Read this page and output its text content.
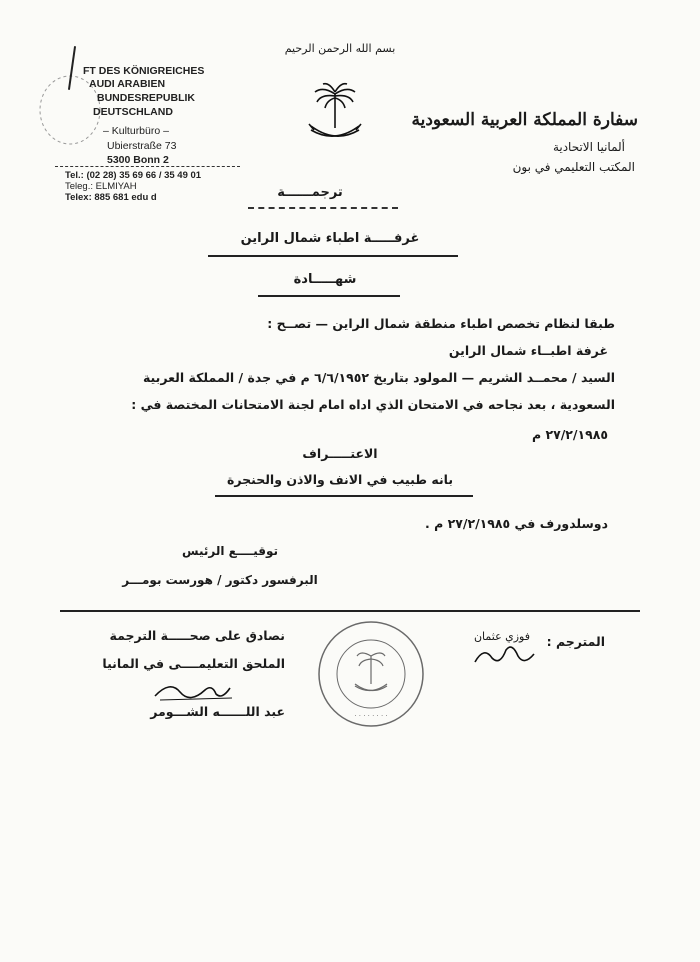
بسم الله الرحمن الرحيم
FT DES KÖNIGREICHES
AUDI ARABIEN
BUNDESREPUBLIK
DEUTSCHLAND
– Kulturbüro –
Ubierstraße 73
5300 Bonn 2
Tel.: (02 28) 35 69 66 / 35 49 01
Teleg.: ELMIYAH
Telex: 885 681 edu d
سفارة المملكة العربية السعودية
ألمانيا الاتحادية
المكتب التعليمي في بون
ترجمــــــة
غرفـــــة اطباء شمال الراين
شهـــــادة
طبقا لنظام تخصص اطباء منطقة شمال الراين — تصــح :
غرفة اطبــاء شمال الراين
السيد / محمــد الشريم — المولود بتاريخ ٦/٦/١٩٥٢ م في جدة / المملكة العربية
السعودية ، بعد نجاحه في الامتحان الذي اداه امام لجنة الامتحانات المختصة في :
٢٧/٢/١٩٨٥ م
الاعتـــــراف
بانه طبيب في الانف والاذن والحنجرة
دوسلدورف في ٢٧/٢/١٩٨٥ م .
توقيــــع الرئيس
البرفسور دكتور / هورست بومـــر
نصادق على صحـــــة الترجمة
الملحق التعليمــــى في المانيا
عبد اللــــــه الشـــومر	· · · · · · · ·
المترجم :
فوزي عثمان
